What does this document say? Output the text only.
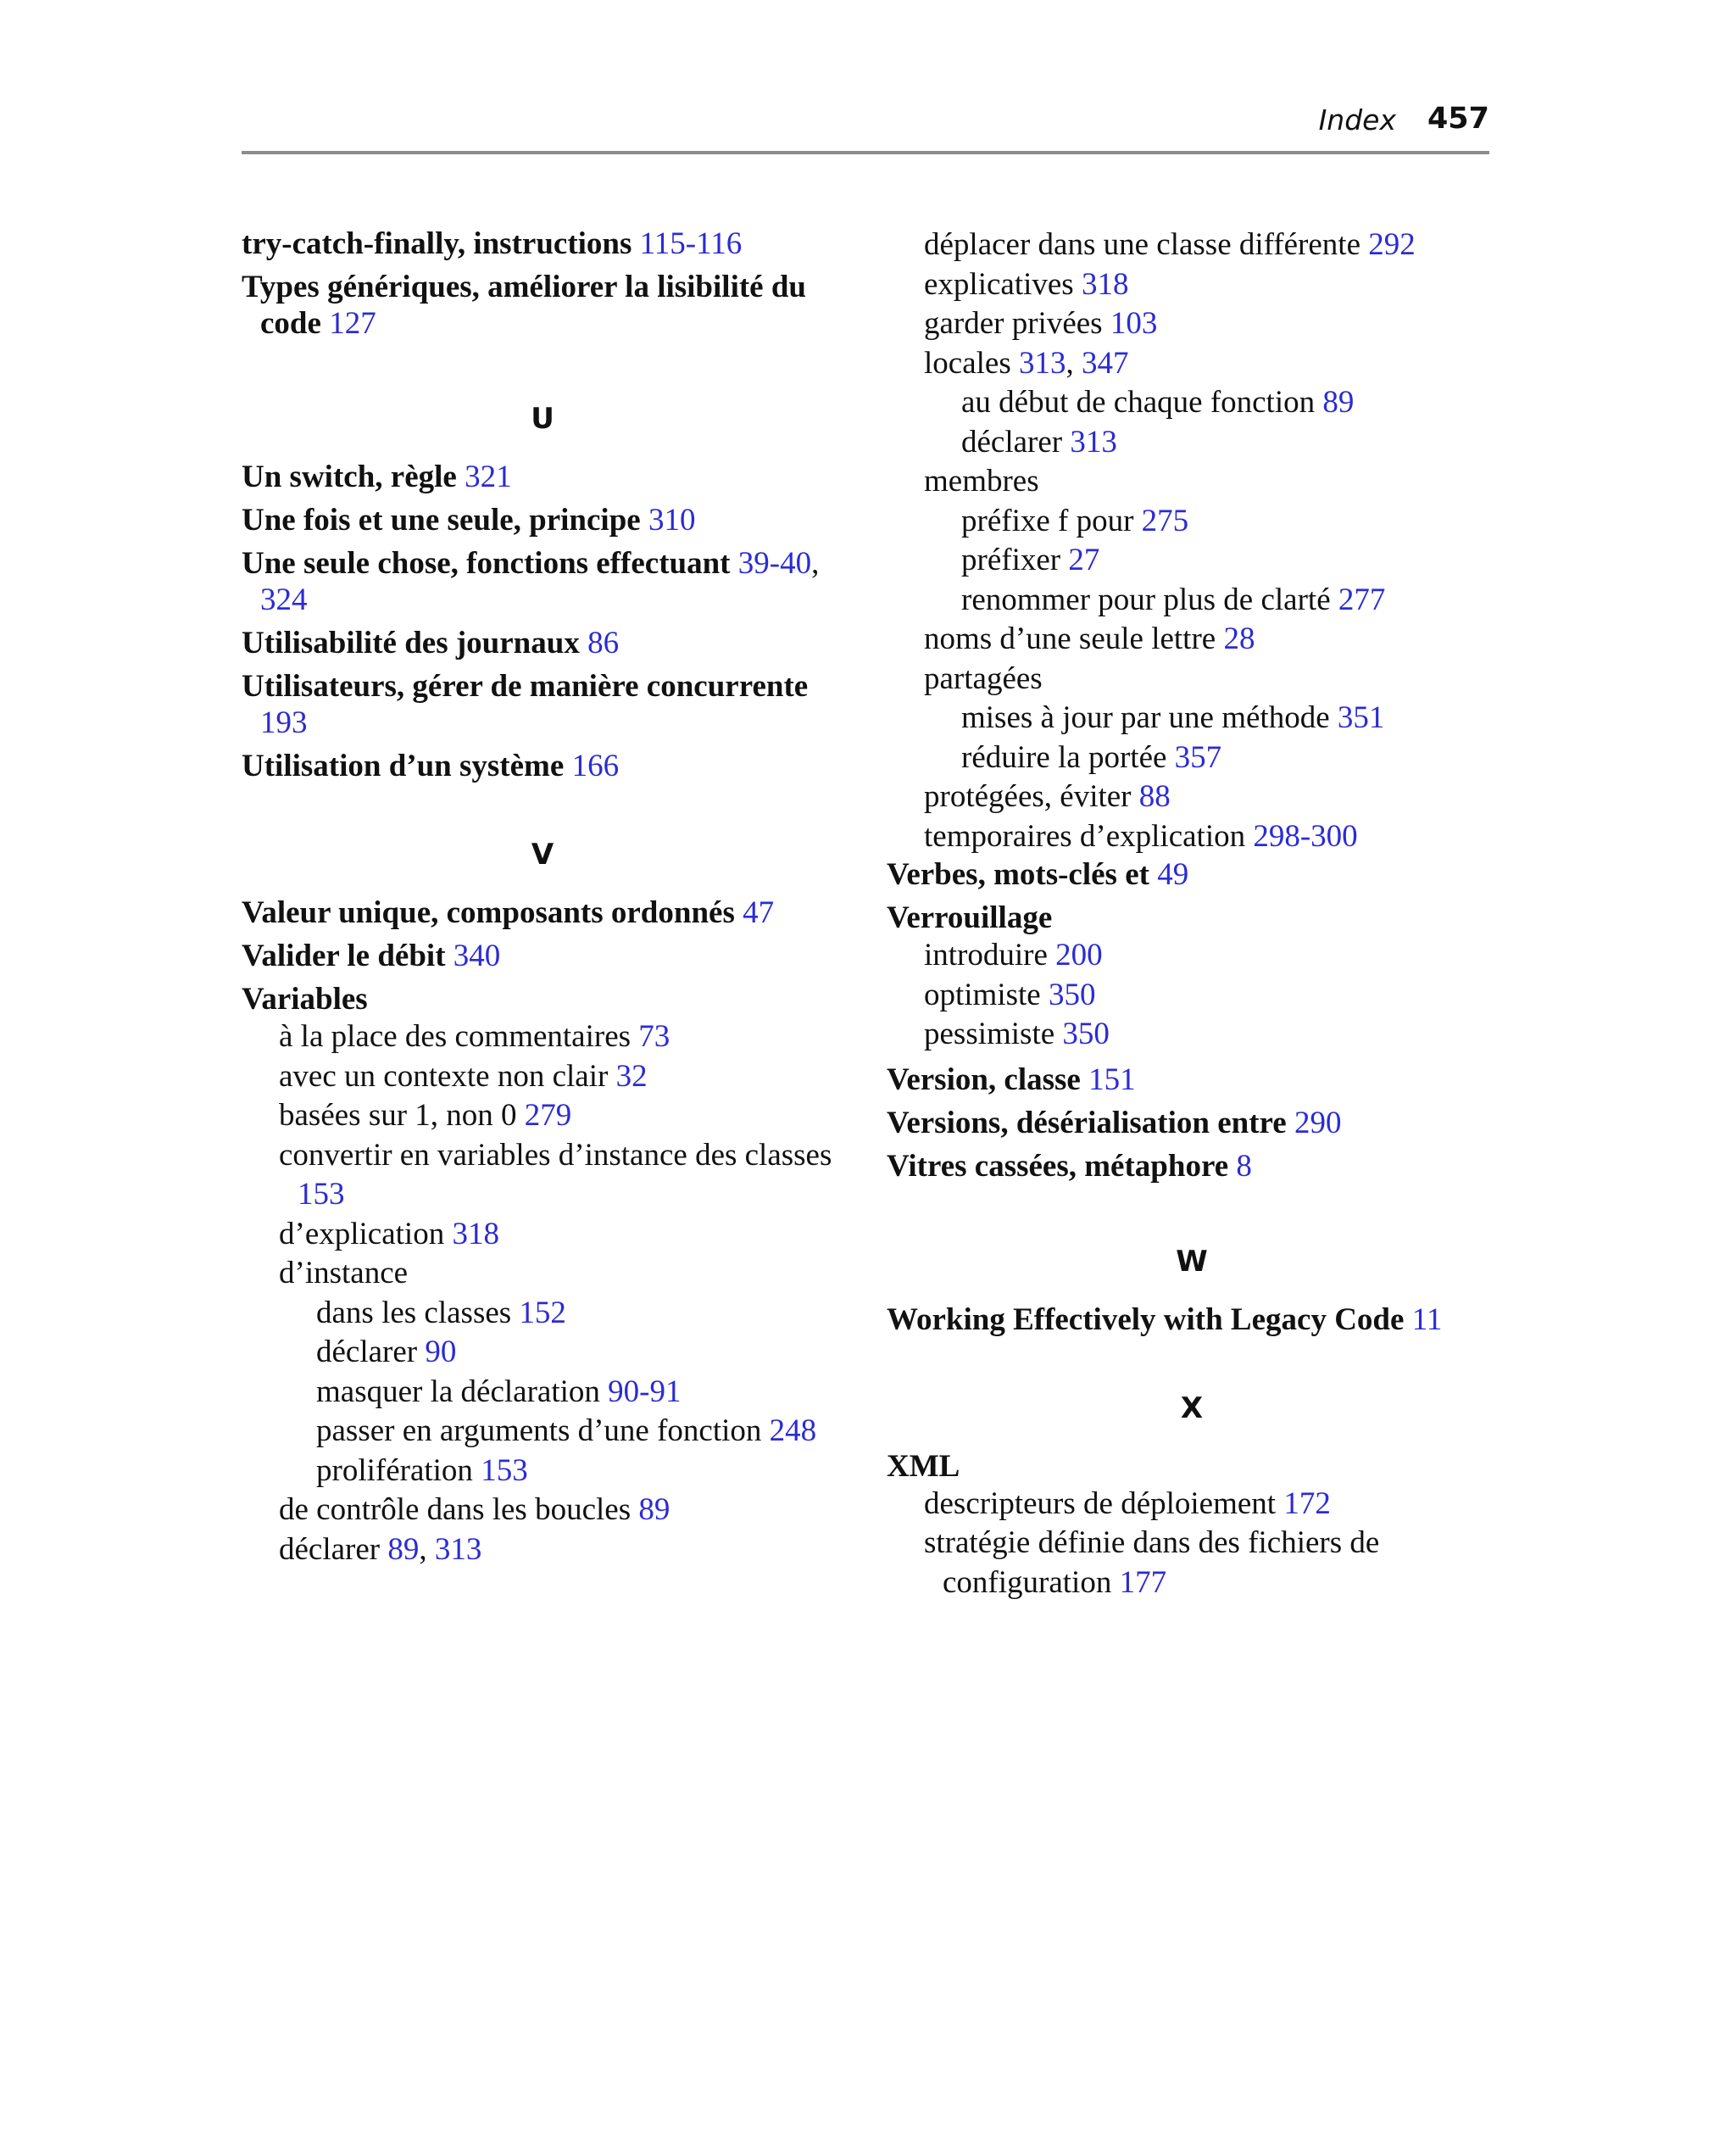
Index 457
try-catch-finally, instructions 115-116
Types génériques, améliorer la lisibilité du code 127
U
Un switch, règle 321
Une fois et une seule, principe 310
Une seule chose, fonctions effectuant 39-40, 324
Utilisabilité des journaux 86
Utilisateurs, gérer de manière concurrente 193
Utilisation d’un système 166
V
Valeur unique, composants ordonnés 47
Valider le débit 340
Variables
à la place des commentaires 73
avec un contexte non clair 32
basées sur 1, non 0 279
convertir en variables d’instance des classes 153
d’explication 318
d’instance
dans les classes 152
déclarer 90
masquer la déclaration 90-91
passer en arguments d’une fonction 248
prolifération 153
de contrôle dans les boucles 89
déclarer 89, 313
déplacer dans une classe différente 292
explicatives 318
garder privées 103
locales 313, 347
au début de chaque fonction 89
déclarer 313
membres
préfixe f pour 275
préfixer 27
renommer pour plus de clarté 277
noms d’une seule lettre 28
partagées
mises à jour par une méthode 351
réduire la portée 357
protégées, éviter 88
temporaires d’explication 298-300
Verbes, mots-clés et 49
Verrouillage
introduire 200
optimiste 350
pessimiste 350
Version, classe 151
Versions, désérialisation entre 290
Vitres cassées, métaphore 8
W
Working Effectively with Legacy Code 11
X
XML
descripteurs de déploiement 172
stratégie définie dans des fichiers de configuration 177
